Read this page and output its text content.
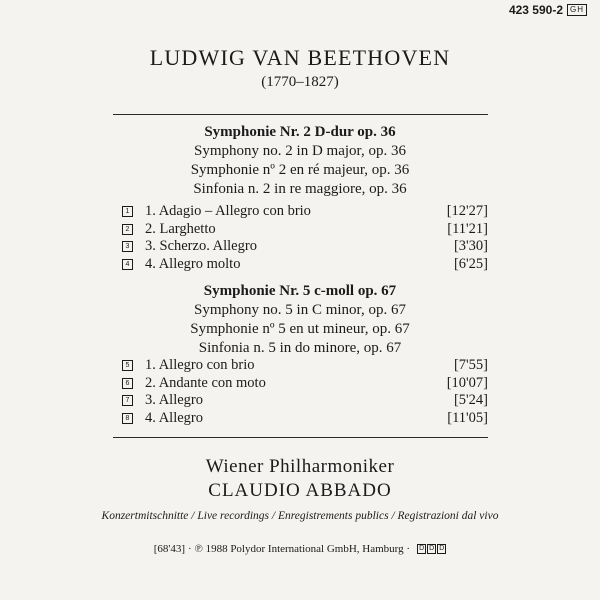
423 590-2 GH
LUDWIG VAN BEETHOVEN
(1770–1827)
Symphonie Nr. 2 D-dur op. 36
Symphony no. 2 in D major, op. 36
Symphonie nº 2 en ré majeur, op. 36
Sinfonia n. 2 in re maggiore, op. 36
1 1. Adagio – Allegro con brio	[12'27]
2 2. Larghetto	[11'21]
3 3. Scherzo. Allegro	[3'30]
4 4. Allegro molto	[6'25]
Symphonie Nr. 5 c-moll op. 67
Symphony no. 5 in C minor, op. 67
Symphonie nº 5 en ut mineur, op. 67
Sinfonia n. 5 in do minore, op. 67
5 1. Allegro con brio	[7'55]
6 2. Andante con moto	[10'07]
7 3. Allegro	[5'24]
8 4. Allegro	[11'05]
Wiener Philharmoniker
CLAUDIO ABBADO
Konzertmitschnitte / Live recordings / Enregistrements publics / Registrazioni dal vivo
[68'43] · ℗ 1988 Polydor International GmbH, Hamburg · D D D
